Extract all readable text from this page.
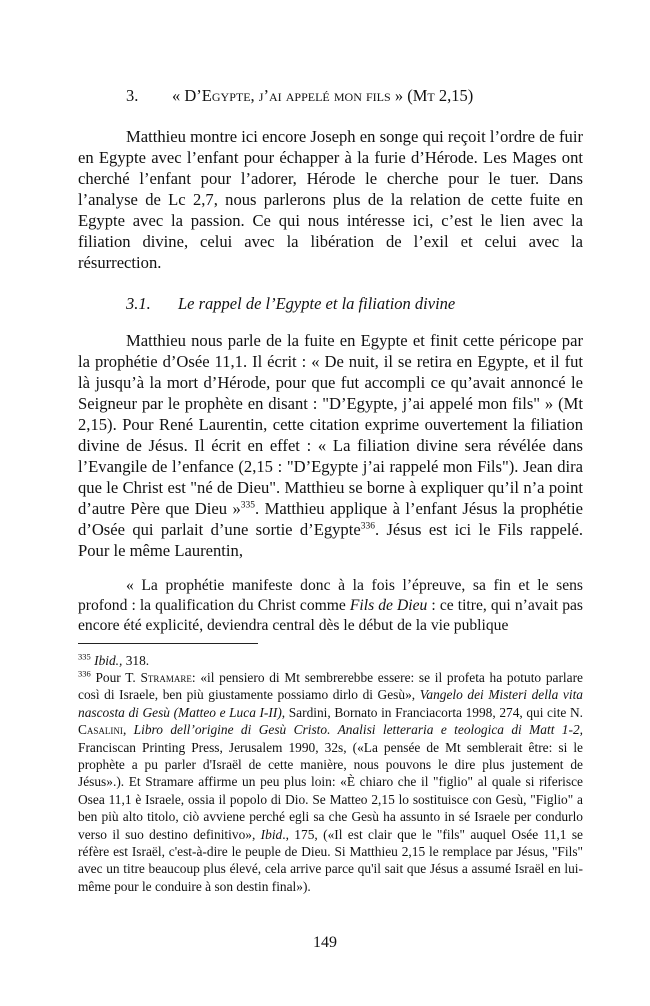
3. « D’Egypte, j’ai appelé mon fils » (Mt 2,15)

Matthieu montre ici encore Joseph en songe qui reçoit l’ordre de fuir en Egypte avec l’enfant pour échapper à la furie d’Hérode. Les Mages ont cherché l’enfant pour l’adorer, Hérode le cherche pour le tuer. Dans l’analyse de Lc 2,7, nous parlerons plus de la relation de cette fuite en Egypte avec la passion. Ce qui nous intéresse ici, c’est le lien avec la filiation divine, celui avec la libération de l’exil et celui avec la résurrection.

3.1. Le rappel de l’Egypte et la filiation divine

Matthieu nous parle de la fuite en Egypte et finit cette péricope par la prophétie d’Osée 11,1. Il écrit : « De nuit, il se retira en Egypte, et il fut là jusqu’à la mort d’Hérode, pour que fut accompli ce qu’avait annoncé le Seigneur par le prophète en disant : "D’Egypte, j’ai appelé mon fils" » (Mt 2,15). Pour René Laurentin, cette citation exprime ouvertement la filiation divine de Jésus. Il écrit en effet : « La filiation divine sera révélée dans l’Evangile de l’enfance (2,15 : "D’Egypte j’ai rappelé mon Fils"). Jean dira que le Christ est "né de Dieu". Matthieu se borne à expliquer qu’il n’a point d’autre Père que Dieu »$^{335}$. Matthieu applique à l’enfant Jésus la prophétie d’Osée qui parlait d’une sortie d’Egypte$^{336}$. Jésus est ici le Fils rappelé. Pour le même Laurentin,

« La prophétie manifeste donc à la fois l’épreuve, sa fin et le sens profond : la qualification du Christ comme Fils de Dieu : ce titre, qui n’avait pas encore été explicité, deviendra central dès le début de la vie publique

$^{335}$ Ibid., 318.

$^{336}$ Pour T. Stramare: «il pensiero di Mt sembrerebbe essere: se il profeta ha potuto parlare così di Israele, ben più giustamente possiamo dirlo di Gesù», Vangelo dei Misteri della vita nascosta di Gesù (Matteo e Luca I-II), Sardini, Bornato in Franciacorta 1998, 274, qui cite N. Casalini, Libro dell’origine di Gesù Cristo. Analisi letteraria e teologica di Matt 1-2, Franciscan Printing Press, Jerusalem 1990, 32s, («La pensée de Mt semblerait être: si le prophète a pu parler d'Israël de cette manière, nous pouvons le dire plus justement de Jésus».). Et Stramare affirme un peu plus loin: «È chiaro che il "figlio" al quale si riferisce Osea 11,1 è Israele, ossia il popolo di Dio. Se Matteo 2,15 lo sostituisce con Gesù, "Figlio" a ben più alto titolo, ciò avviene perché egli sa che Gesù ha assunto in sé Israele per condurlo verso il suo destino definitivo», Ibid., 175, («Il est clair que le "fils" auquel Osée 11,1 se réfère est Israël, c'est-à-dire le peuple de Dieu. Si Matthieu 2,15 le remplace par Jésus, "Fils" avec un titre beaucoup plus élevé, cela arrive parce qu'il sait que Jésus a assumé Israël en lui-même pour le conduire à son destin final»).

149
